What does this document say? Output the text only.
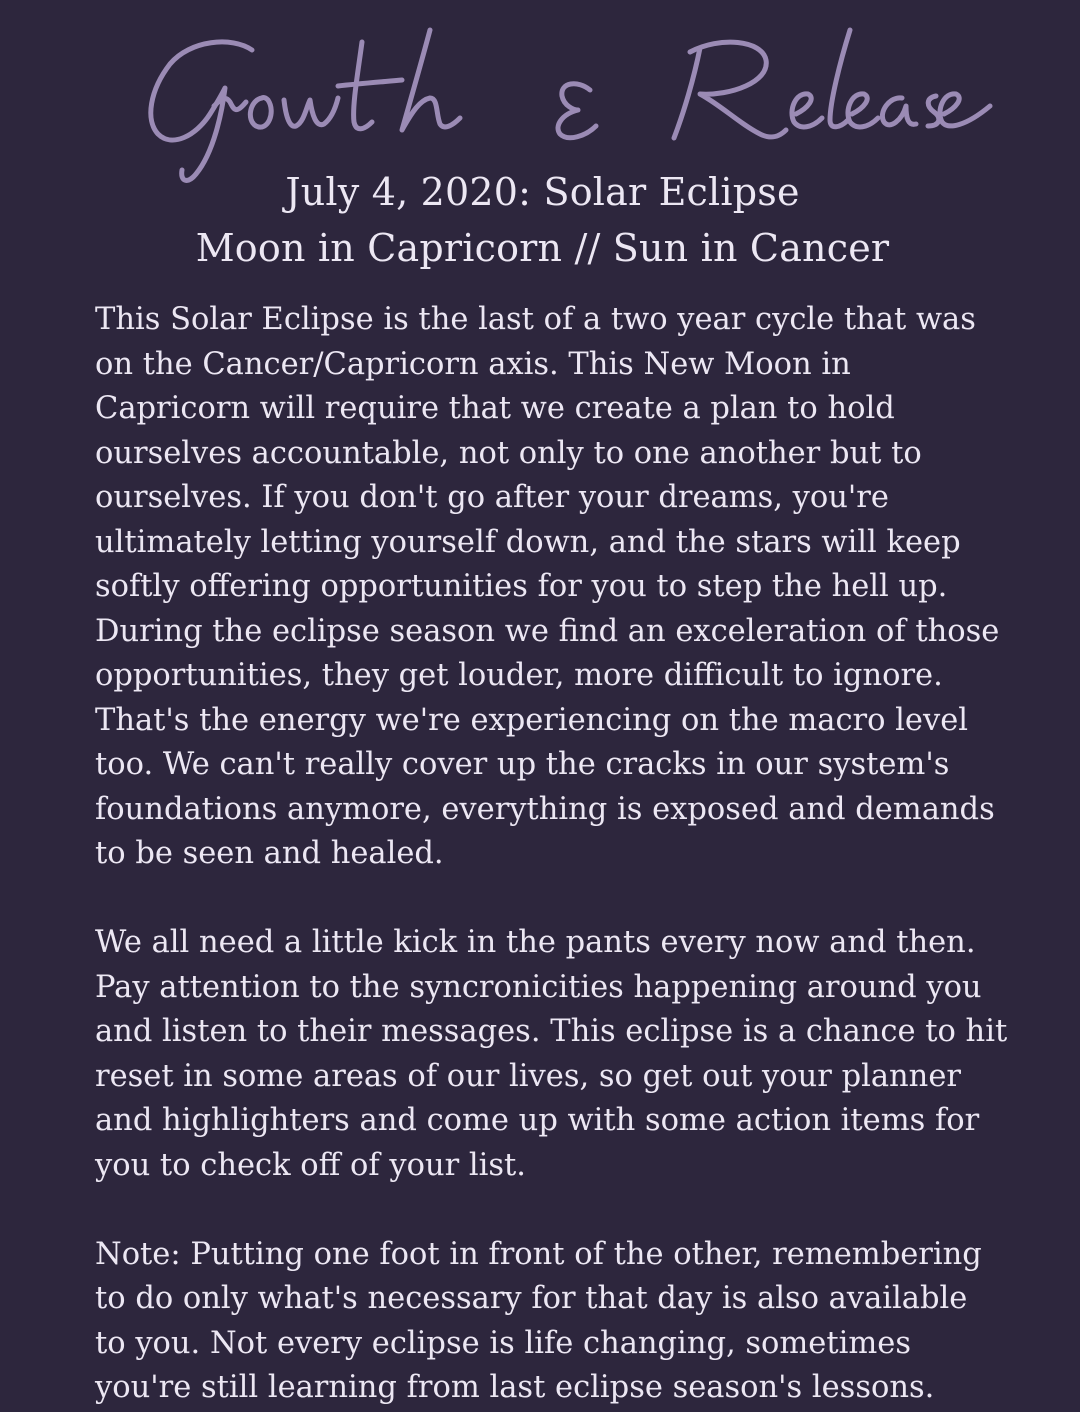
July 4, 2020: Solar Eclipse
Moon in Capricorn // Sun in Cancer
This Solar Eclipse is the last of a two year cycle that was
on the Cancer/Capricorn axis. This New Moon in
Capricorn will require that we create a plan to hold
ourselves accountable, not only to one another but to
ourselves. If you don't go after your dreams, you're
ultimately letting yourself down, and the stars will keep
softly offering opportunities for you to step the hell up.
During the eclipse season we find an exceleration of those
opportunities, they get louder, more difficult to ignore.
That's the energy we're experiencing on the macro level
too. We can't really cover up the cracks in our system's
foundations anymore, everything is exposed and demands
to be seen and healed.
We all need a little kick in the pants every now and then.
Pay attention to the syncronicities happening around you
and listen to their messages. This eclipse is a chance to hit
reset in some areas of our lives, so get out your planner
and highlighters and come up with some action items for
you to check off of your list.
Note: Putting one foot in front of the other, remembering
to do only what's necessary for that day is also available
to you. Not every eclipse is life changing, sometimes
you're still learning from last eclipse season's lessons.
